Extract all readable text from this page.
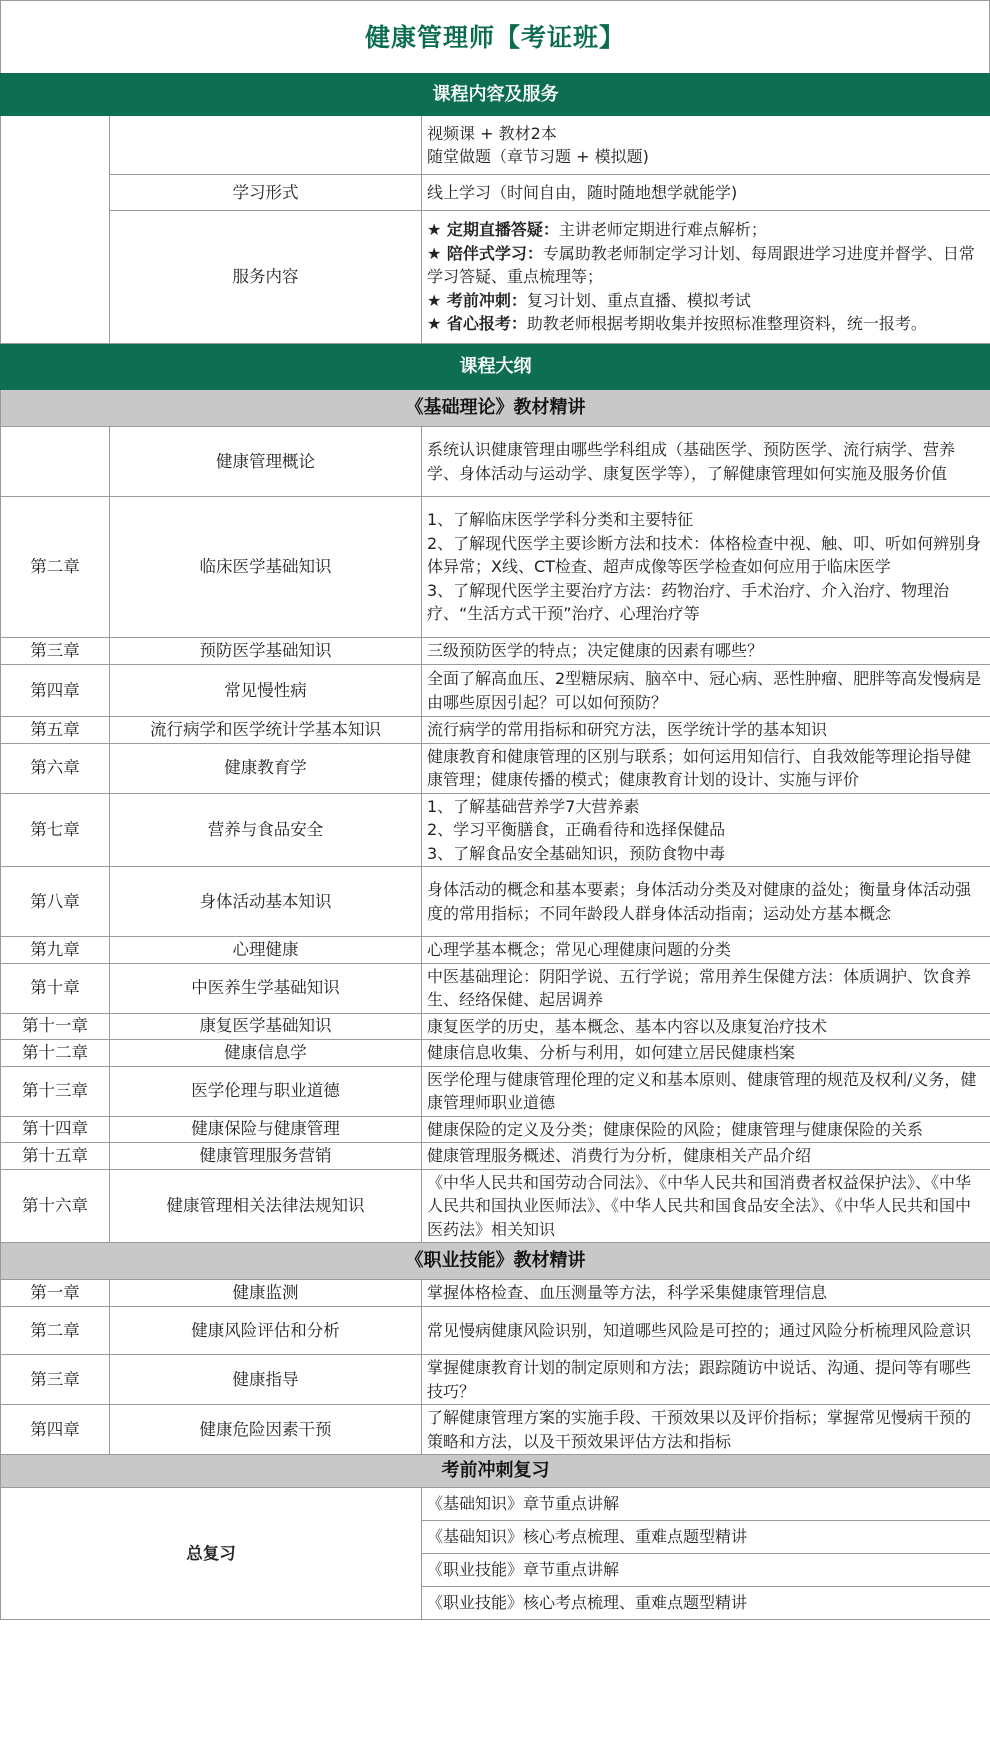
健康管理师【考证班】
课程内容及服务		

		视频课 + 教材2本
随堂做题（章节习题 + 模拟题)

	学习形式	线上学习（时间自由，随时随地想学就能学)
	服务内容	★ 定期直播答疑：主讲老师定期进行难点解析；
★ 陪伴式学习：专属助教老师制定学习计划、每周跟进学习进度并督学、日常学习答疑、重点梳理等；
★ 考前冲刺：复习计划、重点直播、模拟考试
★ 省心报考：助教老师根据考期收集并按照标准整理资料，统一报考。

课程大纲		
《基础理论》教材精讲		
	健康管理概论	系统认识健康管理由哪些学科组成（基础医学、预防医学、流行病学、营养学、身体活动与运动学、康复医学等），了解健康管理如何实施及服务价值

第二章	临床医学基础知识	1、了解临床医学学科分类和主要特征
2、了解现代医学主要诊断方法和技术：体格检查中视、触、叩、听如何辨别身体异常；X线、CT检查、超声成像等医学检查如何应用于临床医学
3、了解现代医学主要治疗方法：药物治疗、手术治疗、介入治疗、物理治疗、“生活方式干预”治疗、心理治疗等

第三章	预防医学基础知识	三级预防医学的特点；决定健康的因素有哪些？

第四章	常见慢性病	全面了解高血压、2型糖尿病、脑卒中、冠心病、恶性肿瘤、肥胖等高发慢病是由哪些原因引起？可以如何预防？

第五章	流行病学和医学统计学基本知识	流行病学的常用指标和研究方法，医学统计学的基本知识

第六章	健康教育学	健康教育和健康管理的区别与联系；如何运用知信行、自我效能等理论指导健康管理；健康传播的模式；健康教育计划的设计、实施与评价

第七章	营养与食品安全	1、了解基础营养学7大营养素
2、学习平衡膳食，正确看待和选择保健品
3、了解食品安全基础知识，预防食物中毒

第八章	身体活动基本知识	身体活动的概念和基本要素；身体活动分类及对健康的益处；衡量身体活动强度的常用指标；不同年龄段人群身体活动指南；运动处方基本概念

第九章	心理健康	心理学基本概念；常见心理健康问题的分类

第十章	中医养生学基础知识	中医基础理论：阴阳学说、五行学说；常用养生保健方法：体质调护、饮食养生、经络保健、起居调养

第十一章	康复医学基础知识	康复医学的历史，基本概念、基本内容以及康复治疗技术

第十二章	健康信息学	健康信息收集、分析与利用，如何建立居民健康档案

第十三章	医学伦理与职业道德	医学伦理与健康管理伦理的定义和基本原则、健康管理的规范及权利/义务，健康管理师职业道德

第十四章	健康保险与健康管理	健康保险的定义及分类；健康保险的风险；健康管理与健康保险的关系

第十五章	健康管理服务营销	健康管理服务概述、消费行为分析，健康相关产品介绍

第十六章	健康管理相关法律法规知识	《中华人民共和国劳动合同法》、《中华人民共和国消费者权益保护法》、《中华人民共和国执业医师法》、《中华人民共和国食品安全法》、《中华人民共和国中医药法》相关知识

《职业技能》教材精讲		
第一章	健康监测	掌握体格检查、血压测量等方法，科学采集健康管理信息

第二章	健康风险评估和分析	常见慢病健康风险识别，知道哪些风险是可控的；通过风险分析梳理风险意识

第三章	健康指导	掌握健康教育计划的制定原则和方法；跟踪随访中说话、沟通、提问等有哪些技巧？

第四章	健康危险因素干预	了解健康管理方案的实施手段、干预效果以及评价指标；掌握常见慢病干预的策略和方法，以及干预效果评估方法和指标

考前冲刺复习		
总复习		《基础知识》章节重点讲解
		《基础知识》核心考点梳理、重难点题型精讲
		《职业技能》章节重点讲解
		《职业技能》核心考点梳理、重难点题型精讲
